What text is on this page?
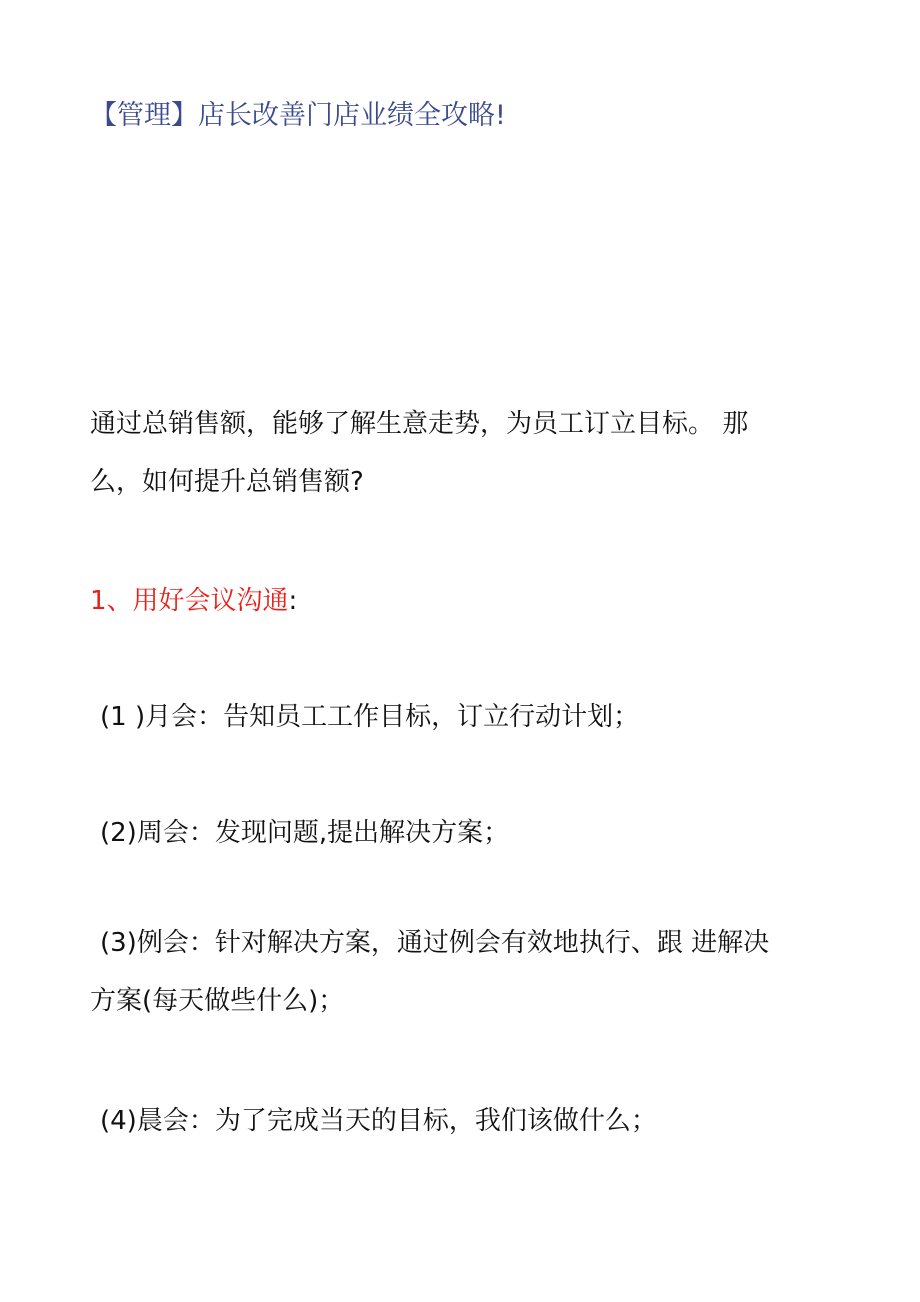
【管理】店长改善门店业绩全攻略!

通过总销售额，能够了解生意走势，为员工订立目标。 那
么，如何提升总销售额?

1、用好会议沟通:

(1 )月会：告知员工工作目标，订立行动计划；

(2)周会：发现问题,提出解决方案；

(3)例会：针对解决方案，通过例会有效地执行、跟 进解决
方案(每天做些什么)；

(4)晨会：为了完成当天的目标，我们该做什么；
